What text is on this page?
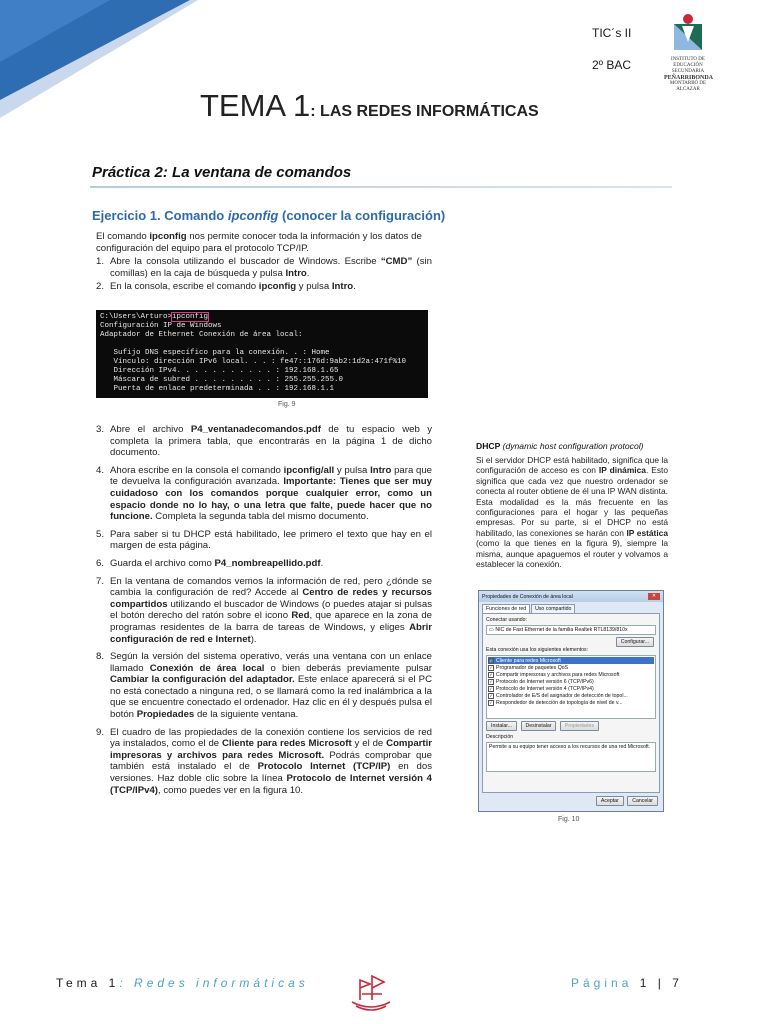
TIC´s II
2º BAC	INSTITUTO DE EDUCACIÓN SECUNDARIA
PEÑARRIBONDA
MONTARBÓ DE ALCAZAR
TEMA 1: LAS REDES INFORMÁTICAS
Práctica 2: La ventana de comandos
Ejercicio 1. Comando ipconfig (conocer la configuración)

El comando ipconfig nos permite conocer toda la información y los datos de configuración del equipo para el protocolo TCP/IP.

1. Abre la consola utilizando el buscador de Windows. Escribe “CMD” (sin comillas) en la caja de búsqueda y pulsa Intro.
2. En la consola, escribe el comando ipconfig y pulsa Intro.
C:\Users\Arturo>ipconfig
Configuración IP de Windows
Adaptador de Ethernet Conexión de área local:

Sufijo DNS específico para la conexión. . : Home
Vínculo: dirección IPv6 local. . . : fe47::176d:9ab2:1d2a:471f%10
Dirección IPv4. . . . . . . . . . . : 192.168.1.65
Máscara de subred . . . . . . . . . : 255.255.255.0
Puerta de enlace predeterminada . . : 192.168.1.1
Fig. 9
3. Abre el archivo P4_ventanadecomandos.pdf de tu espacio web y completa la primera tabla, que encontrarás en la página 1 de dicho documento.
4. Ahora escribe en la consola el comando ipconfig/all y pulsa Intro para que te devuelva la configuración avanzada. Importante: Tienes que ser muy cuidadoso con los comandos porque cualquier error, como un espacio donde no lo hay, o una letra que falte, puede hacer que no funcione. Completa la segunda tabla del mismo documento.
5. Para saber si tu DHCP está habilitado, lee primero el texto que hay en el margen de esta página.
6. Guarda el archivo como P4_nombreapellido.pdf.
7. En la ventana de comandos vemos la información de red, pero ¿dónde se cambia la configuración de red? Accede al Centro de redes y recursos compartidos utilizando el buscador de Windows (o puedes atajar si pulsas el botón derecho del ratón sobre el icono Red, que aparece en la zona de programas residentes de la barra de tareas de Windows, y eliges Abrir configuración de red e Internet).
8. Según la versión del sistema operativo, verás una ventana con un enlace llamado Conexión de área local o bien deberás previamente pulsar Cambiar la configuración del adaptador. Este enlace aparecerá si el PC no está conectado a ninguna red, o se llamará como la red inalámbrica a la que se encuentre conectado el ordenador. Haz clic en él y después pulsa el botón Propiedades de la siguiente ventana.
9. El cuadro de las propiedades de la conexión contiene los servicios de red ya instalados, como el de Cliente para redes Microsoft y el de Compartir impresoras y archivos para redes Microsoft. Podrás comprobar que también está instalado el de Protocolo Internet (TCP/IP) en dos versiones. Haz doble clic sobre la línea Protocolo de Internet versión 4 (TCP/IPv4), como puedes ver en la figura 10.
DHCP (dynamic host configuration protocol)
Si el servidor DHCP está habilitado, significa que la configuración de acceso es con IP dinámica. Esto significa que cada vez que nuestro ordenador se conecta al router obtiene de él una IP WAN distinta. Esta modalidad es la más frecuente en las configuraciones para el hogar y las pequeñas empresas. Por su parte, si el DHCP no está habilitado, las conexiones se harán con IP estática (como la que tienes en la figura 9), siempre la misma, aunque apaguemos el router y volvamos a establecer la conexión.
Propiedades de Conexión de área local	✕
Funciones de red	Uso compartido
Conectar usando:
▭ NIC de Fast Ethernet de la familia Realtek RTL8139/810x
Configurar...
Esta conexión usa los siguientes elementos:
✓ Cliente para redes Microsoft
✓ Programador de paquetes QoS
✓ Compartir impresoras y archivos para redes Microsoft
✓ Protocolo de Internet versión 6 (TCP/IPv6)
✓ Protocolo de Internet versión 4 (TCP/IPv4)
✓ Controlador de E/S del asignador de detección de topol...
✓ Respondedor de detección de topología de nivel de v...
Instalar...	Desinstalar	Propiedades
Descripción
Permite a su equipo tener acceso a los recursos de una red Microsoft.
Aceptar	Cancelar
Fig. 10
Tema 1: Redes informáticas	Página 1 | 7
